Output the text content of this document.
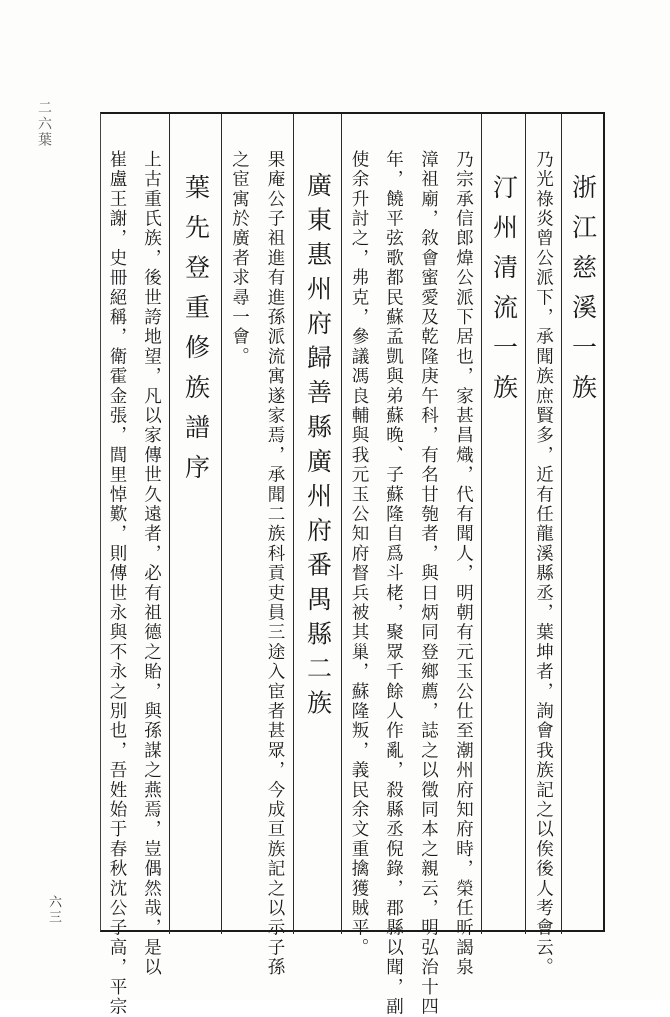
二六葉
浙江慈溪一族
乃光祿炎曾公派下，承聞族庶賢多，近有任龍溪縣丞，葉坤者，詢會我族記之以俟後人考會云。
汀州清流一族
乃宗承信郎煒公派下居也，家甚昌熾，代有聞人，明朝有元玉公仕至潮州府知府時，榮任昕謁泉
漳祖廟，敘會蜜愛及乾隆庚午科，有名甘匏者，與日炳同登鄉薦，誌之以徵同本之親云，明弘治十四
年，饒平弦歌都民蘇孟凱與弟蘇晚、子蘇隆自爲斗栳，聚眾千餘人作亂，殺縣丞倪錄，郡縣以聞，副
使余升討之，弗克，參議馮良輔與我元玉公知府督兵被其巢，蘇隆叛，義民余文重擒獲賊平。
廣東惠州府歸善縣廣州府番禺縣二族
果庵公子祖進有進孫派流寓遂家焉，承聞二族科貢吏員三途入宦者甚眾，今成亘族記之以示子孫
之宦寓於廣者求尋一會。
葉先登重修族譜序
上古重氏族，後世誇地望，凡以家傳世久遠者，必有祖德之貽，與孫謀之燕焉，豈偶然哉，是以
崔盧王謝，史冊絕稱，衛霍金張，閭里悼歎，則傳世永與不永之別也，吾姓始于春秋沈公子高，平宗
六三
